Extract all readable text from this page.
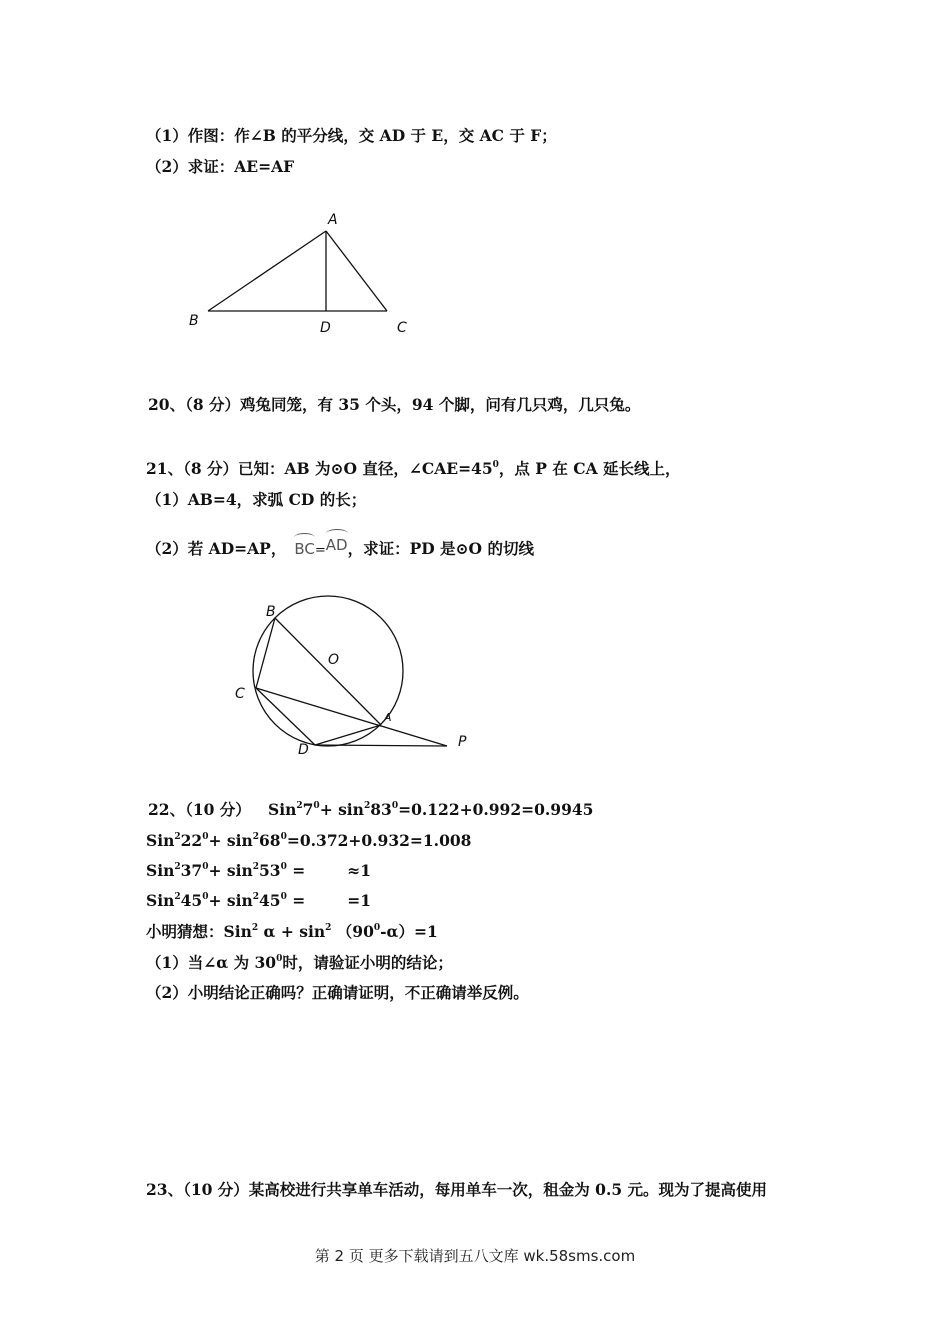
（1）作图：作∠B 的平分线，交 AD 于 E，交 AC 于 F；
（2）求证：AE=AF
A
B	D	C
20、（8 分）鸡兔同笼，有 35 个头，94 个脚，问有几只鸡，几只兔。
21、（8 分）已知：AB 为⊙O 直径，$\angle CAE=45^0$，点 P 在 CA 延长线上，
（1）AB=4，求弧 CD 的长；
（2）若 AD=AP， BC=AD，求证：PD 是⊙O 的切线
B
O
C
A
D	P
22、（10 分） $Sin^27^0+ \sin^283^0=0.122+0.992=0.9945$
$Sin^222^0+ \sin^268^0=0.372+0.932=1.008$
$Sin^237^0+ \sin^253^0$ =	≈1
$Sin^245^0+ \sin^245^0$ =	=1
小明猜想：Sin$^2$ $\alpha + \sin^2 (90^0-\alpha)=1$
（1）当∠α 为 $30^0$时，请验证小明的结论；
（2）小明结论正确吗？正确请证明，不正确请举反例。
23、（10 分）某高校进行共享单车活动，每用单车一次，租金为 0.5 元。现为了提高使用
第 2 页 更多下载请到五八文库 wk.58sms.com
